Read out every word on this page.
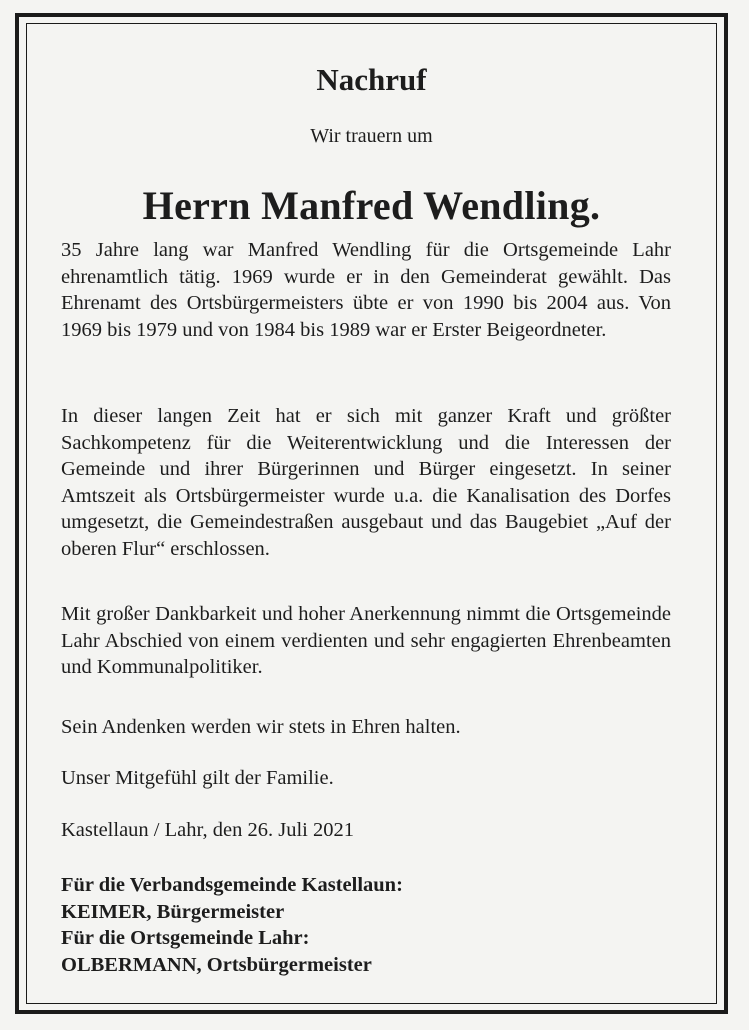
Nachruf

Wir trauern um

Herrn Manfred Wendling.

35 Jahre lang war Manfred Wendling für die Ortsgemeinde Lahr ehrenamtlich tätig. 1969 wurde er in den Gemeinderat gewählt. Das Ehrenamt des Ortsbürgermeisters übte er von 1990 bis 2004 aus. Von 1969 bis 1979 und von 1984 bis 1989 war er Erster Beigeordneter.

In dieser langen Zeit hat er sich mit ganzer Kraft und größter Sachkompetenz für die Weiterentwicklung und die Interessen der Gemeinde und ihrer Bürgerinnen und Bürger eingesetzt. In seiner Amtszeit als Ortsbürgermeister wurde u.a. die Kanalisation des Dorfes umgesetzt, die Gemeindestraßen ausgebaut und das Baugebiet „Auf der oberen Flur“ erschlossen.

Mit großer Dankbarkeit und hoher Anerkennung nimmt die Ortsgemeinde Lahr Abschied von einem verdienten und sehr engagierten Ehrenbeamten und Kommunalpolitiker.

Sein Andenken werden wir stets in Ehren halten.

Unser Mitgefühl gilt der Familie.

Kastellaun / Lahr, den 26. Juli 2021

Für die Verbandsgemeinde Kastellaun:
KEIMER, Bürgermeister
Für die Ortsgemeinde Lahr:
OLBERMANN, Ortsbürgermeister
